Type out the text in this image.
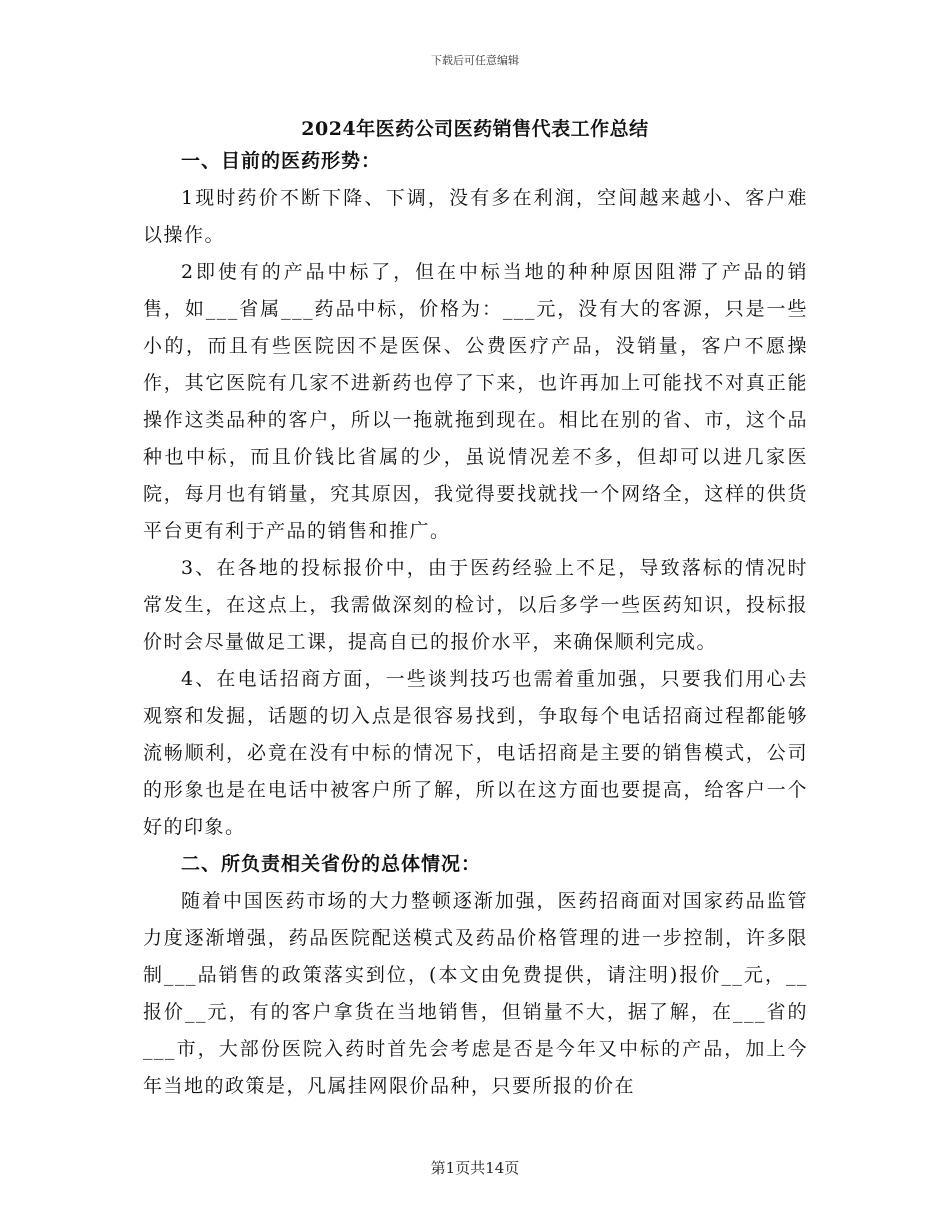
下载后可任意编辑
2024年医药公司医药销售代表工作总结
一、目前的医药形势：

1现时药价不断下降、下调，没有多在利润，空间越来越小、客户难以操作。

2即使有的产品中标了，但在中标当地的种种原因阻滞了产品的销售，如___省属___药品中标，价格为：___元，没有大的客源，只是一些小的，而且有些医院因不是医保、公费医疗产品，没销量，客户不愿操作，其它医院有几家不进新药也停了下来，也许再加上可能找不对真正能操作这类品种的客户，所以一拖就拖到现在。相比在别的省、市，这个品种也中标，而且价钱比省属的少，虽说情况差不多，但却可以进几家医院，每月也有销量，究其原因，我觉得要找就找一个网络全，这样的供货平台更有利于产品的销售和推广。

3、在各地的投标报价中，由于医药经验上不足，导致落标的情况时常发生，在这点上，我需做深刻的检讨，以后多学一些医药知识，投标报价时会尽量做足工课，提高自已的报价水平，来确保顺利完成。

4、在电话招商方面，一些谈判技巧也需着重加强，只要我们用心去观察和发掘，话题的切入点是很容易找到，争取每个电话招商过程都能够流畅顺利，必竟在没有中标的情况下，电话招商是主要的销售模式，公司的形象也是在电话中被客户所了解，所以在这方面也要提高，给客户一个好的印象。

二、所负责相关省份的总体情况：

随着中国医药市场的大力整顿逐渐加强，医药招商面对国家药品监管力度逐渐增强，药品医院配送模式及药品价格管理的进一步控制，许多限制___品销售的政策落实到位，(本文由免费提供，请注明)报价__元，__报价__元，有的客户拿货在当地销售，但销量不大，据了解，在___省的___市，大部份医院入药时首先会考虑是否是今年又中标的产品，加上今年当地的政策是，凡属挂网限价品种，只要所报的价在

第1页共14页
